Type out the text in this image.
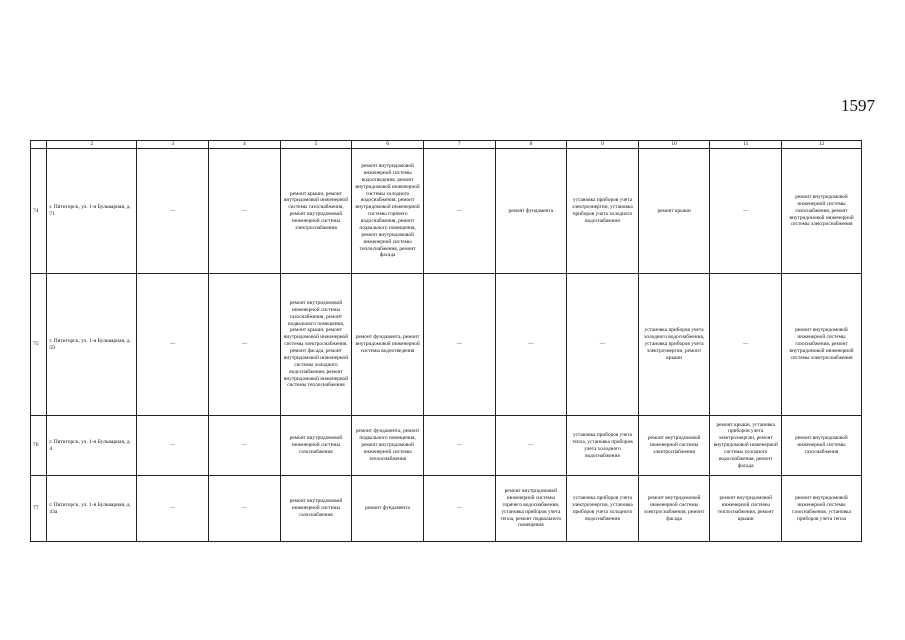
1597
	2	3	4	5	6	7	8	9	10	11	12
74	г. Пятигорск, ул. 1-я Бульварная, д. 71	—	—	ремонт крыши, ремонт внутридомовой инженерной системы газоснабжения, ремонт внутридомовой инженерной системы электроснабжения	ремонт внутридомовой инженерной системы водоотведения, ремонт внутридомовой инженерной системы холодного водоснабжения, ремонт внутридомовой инженерной системы горячего водоснабжения, ремонт подвального помещения, ремонт внутридомовой инженерной системы теплоснабжения, ремонт фасада	—	ремонт фундамента	установка приборов учета электроэнергии, установка приборов учета холодного водоснабжения	ремонт крыши	—	ремонт внутридомовой инженерной системы газоснабжения, ремонт внутридомовой инженерной системы электроснабжения
75	г. Пятигорск, ул. 1-я Бульварная, д. 59	—	—	ремонт внутридомовой инженерной системы газоснабжения, ремонт подвального помещения, ремонт крыши, ремонт внутридомовой инженерной системы электроснабжения, ремонт фасада, ремонт внутридомовой инженерной системы холодного водоснабжения, ремонт внутридомовой инженерной системы теплоснабжения	ремонт фундамента, ремонт внутридомовой инженерной системы водоотведения	—	—	—	установка приборов учета холодного водоснабжения, установка приборов учета электроэнергии, ремонт крыши	—	ремонт внутридомовой инженерной системы газоснабжения, ремонт внутридомовой инженерной системы электроснабжения
76	г. Пятигорск, ул. 1-я Бульварная, д. 4	—	—	ремонт внутридомовой инженерной системы газоснабжения	ремонт фундамента, ремонт подвального помещения, ремонт внутридомовой инженерной системы теплоснабжения	—	—	установка приборов учета тепла, установка приборов учета холодного водоснабжения	ремонт внутридомовой инженерной системы электроснабжения	ремонт крыши, установка приборов учета электроэнергии, ремонт внутридомовой инженерной системы холодного водоснабжения, ремонт фасада	ремонт внутридомовой инженерной системы газоснабжения
77	г. Пятигорск, ул. 1-я Бульварная, д. 43а	—	—	ремонт внутридомовой инженерной системы газоснабжения	ремонт фундамента	—	ремонт внутридомовой инженерной системы горячего водоснабжения, установка приборов учета тепла, ремонт подвального помещения	установка приборов учета электроэнергии, установка приборов учета холодного водоснабжения	ремонт внутридомовой инженерной системы электроснабжения, ремонт фасада	ремонт внутридомовой инженерной системы теплоснабжения, ремонт крыши	ремонт внутридомовой инженерной системы газоснабжения, установка приборов учета тепла
